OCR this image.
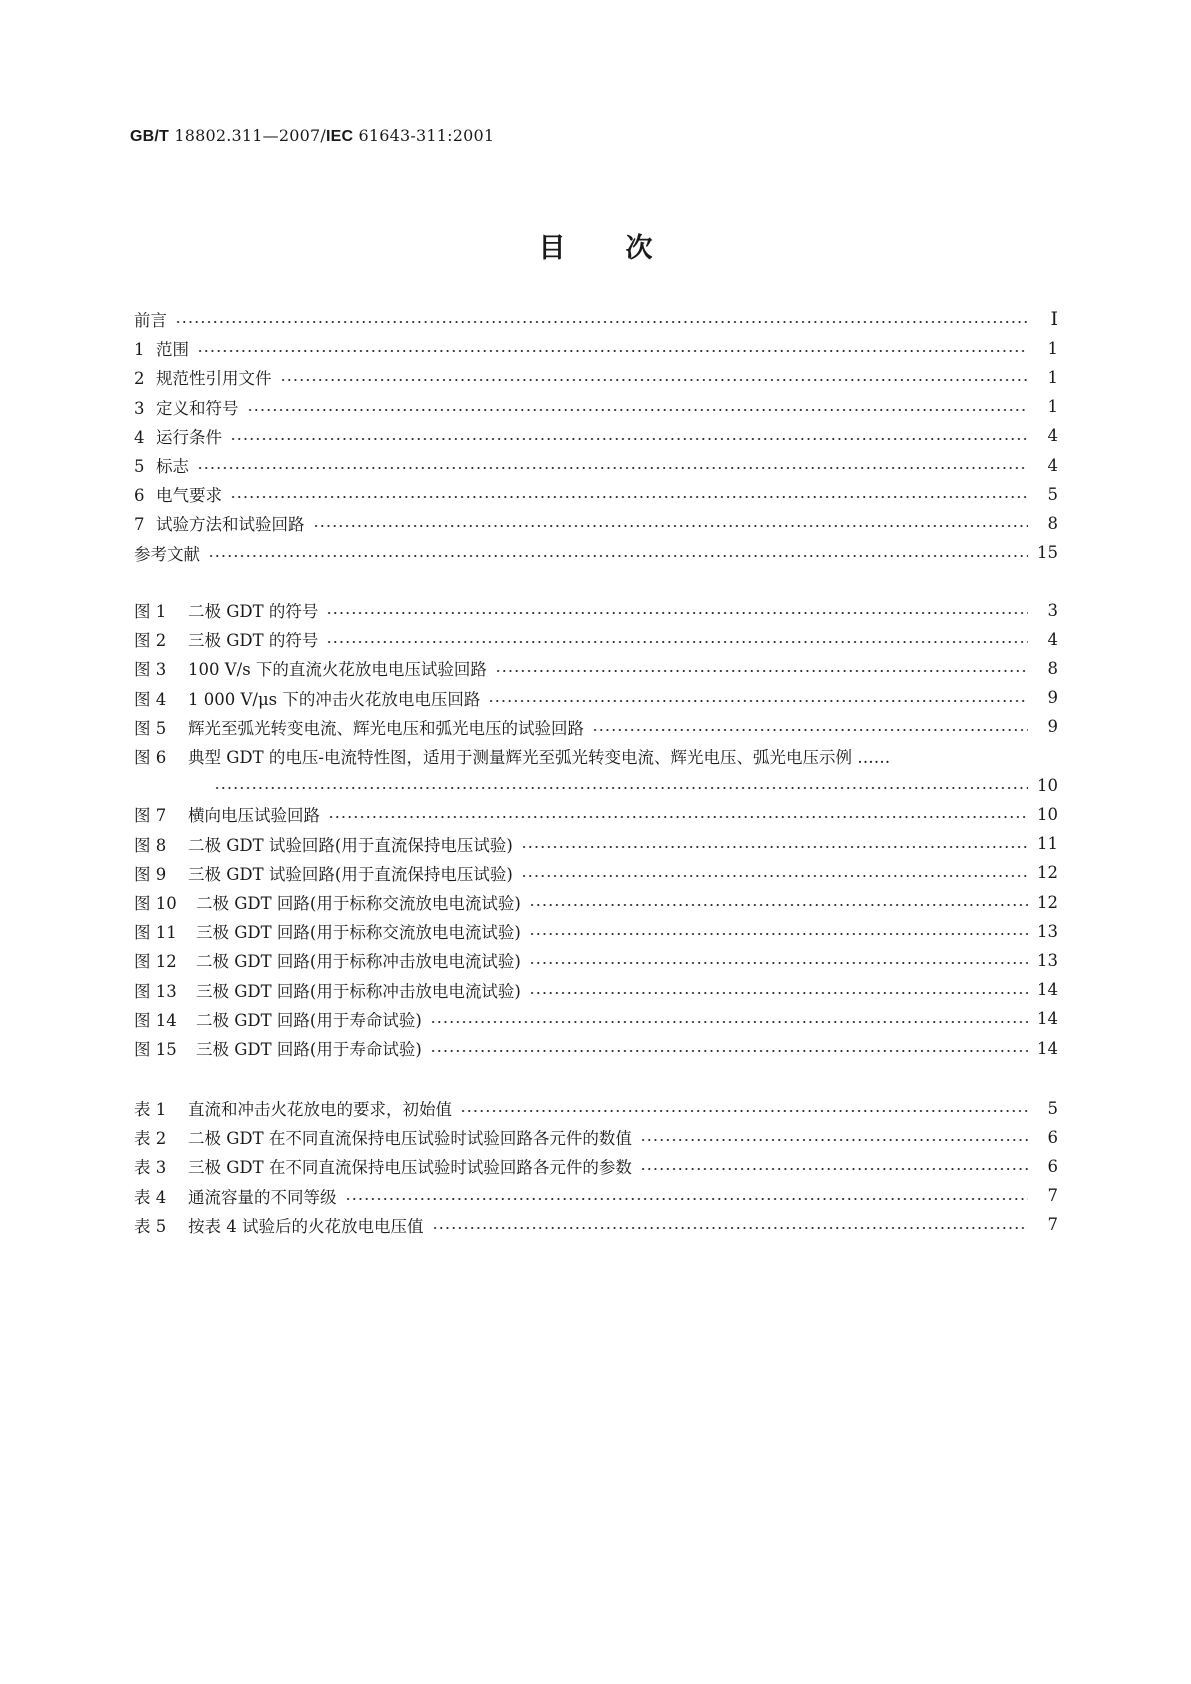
GB/T 18802.311—2007/IEC 61643-311:2001
目次
前言	Ⅰ
1 范围	1
2 规范性引用文件	1
3 定义和符号	1
4 运行条件	4
5 标志	4
6 电气要求	5
7 试验方法和试验回路	8
参考文献	15
图 1 二极 GDT 的符号	3
图 2 三极 GDT 的符号	4
图 3 100 V/s 下的直流火花放电电压试验回路	8
图 4 1 000 V/μs 下的冲击火花放电电压回路	9
图 5 辉光至弧光转变电流、辉光电压和弧光电压的试验回路	9
图 6 典型 GDT 的电压-电流特性图，适用于测量辉光至弧光转变电流、辉光电压、弧光电压示例 ……
10
图 7 横向电压试验回路	10
图 8 二极 GDT 试验回路(用于直流保持电压试验)	11
图 9 三极 GDT 试验回路(用于直流保持电压试验)	12
图 10 二极 GDT 回路(用于标称交流放电电流试验)	12
图 11 三极 GDT 回路(用于标称交流放电电流试验)	13
图 12 二极 GDT 回路(用于标称冲击放电电流试验)	13
图 13 三极 GDT 回路(用于标称冲击放电电流试验)	14
图 14 二极 GDT 回路(用于寿命试验)	14
图 15 三极 GDT 回路(用于寿命试验)	14
表 1 直流和冲击火花放电的要求，初始值	5
表 2 二极 GDT 在不同直流保持电压试验时试验回路各元件的数值	6
表 3 三极 GDT 在不同直流保持电压试验时试验回路各元件的参数	6
表 4 通流容量的不同等级	7
表 5 按表 4 试验后的火花放电电压值	7
